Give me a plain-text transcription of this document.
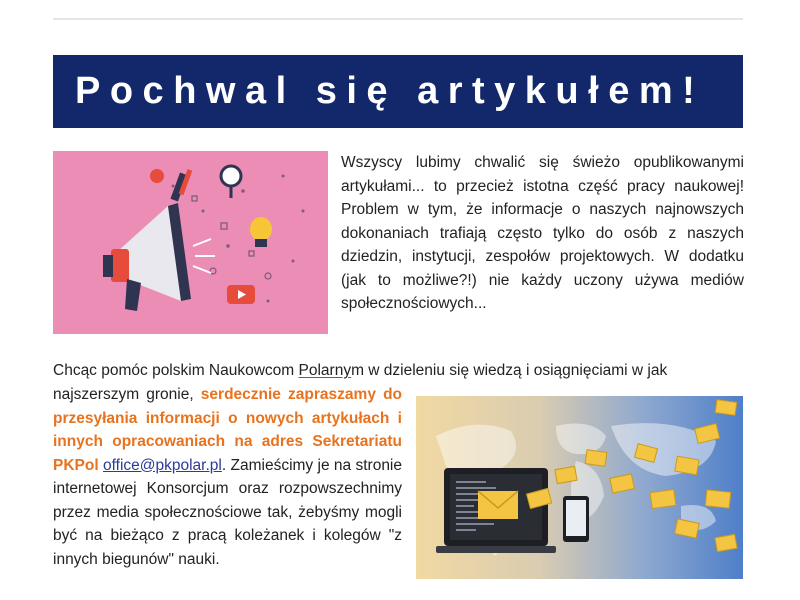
Pochwal się artykułem!

Wszyscy lubimy chwalić się świeżo opublikowanymi artykułami... to przecież istotna część pracy naukowej! Problem w tym, że informacje o naszych najnowszych dokonaniach trafiają często tylko do osób z naszych dziedzin, instytucji, zespołów projektowych. W dodatku (jak to możliwe?!) nie każdy uczony używa mediów społecznościowych...

Chcąc pomóc polskim Naukowcom Polarnym w dzieleniu się wiedzą i osiągnięciami w jak

najszerszym gronie, serdecznie zapraszamy do przesyłania informacji o nowych artykułach i innych opracowaniach na adres Sekretariatu PKPol office@pkpolar.pl. Zamieścimy je na stronie internetowej Konsorcjum oraz rozpowszechnimy przez media społecznościowe tak, żebyśmy mogli być na bieżąco z pracą koleżanek i kolegów "z innych biegunów" nauki.
